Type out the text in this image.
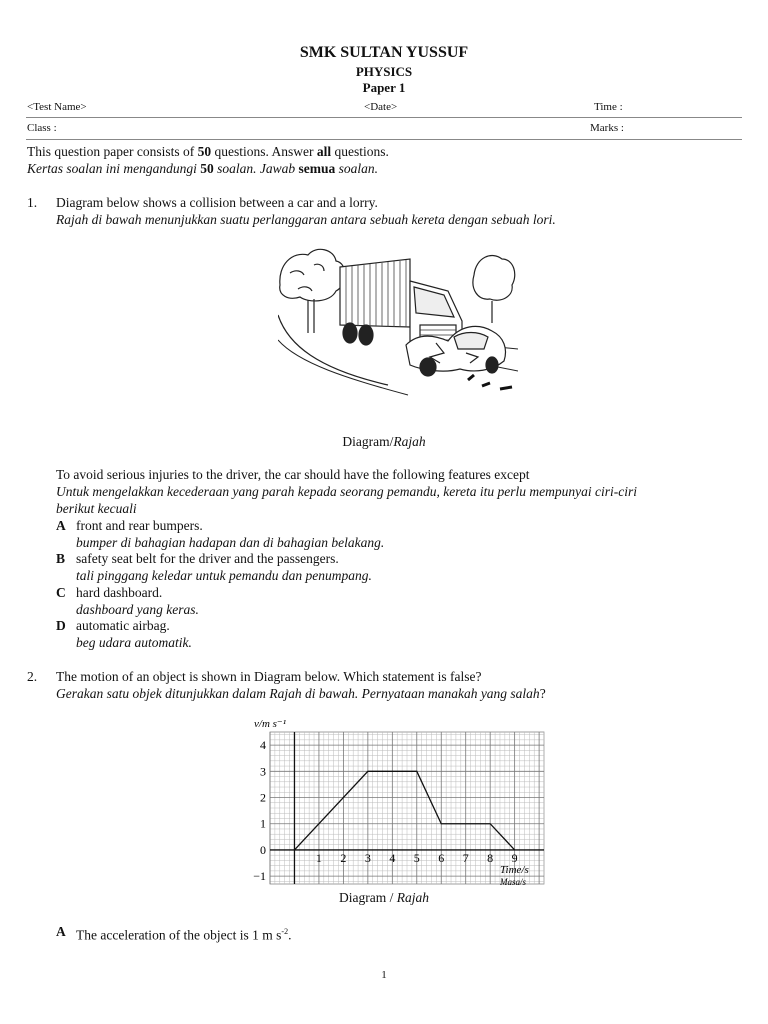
SMK SULTAN YUSSUF
PHYSICS
Paper 1
<Test Name>	<Date>	Time :
Class :	Marks :
This question paper consists of 50 questions. Answer all questions.
Kertas soalan ini mengandungi 50 soalan. Jawab semua soalan.
1. Diagram below shows a collision between a car and a lorry.
Rajah di bawah menunjukkan suatu perlanggaran antara sebuah kereta dengan sebuah lori.
Diagram/Rajah
To avoid serious injuries to the driver, the car should have the following features except
Untuk mengelakkan kecederaan yang parah kepada seorang pemandu, kereta itu perlu mempunyai ciri-ciri
berikut kecuali
A front and rear bumpers.
bumper di bahagian hadapan dan di bahagian belakang.
B safety seat belt for the driver and the passengers.
tali pinggang keledar untuk pemandu dan penumpang.
C hard dashboard.
dashboard yang keras.
D automatic airbag.
beg udara automatik.
2. The motion of an object is shown in Diagram below. Which statement is false?
Gerakan satu objek ditunjukkan dalam Rajah di bawah. Pernyataan manakah yang salah?
1 2 3 4 5 6 7 8 9
4
3
2
1
0
−1
v/m s⁻¹
Time/s
Masa/s
Diagram / Rajah
A The acceleration of the object is 1 m $s^{-2}$.
1
